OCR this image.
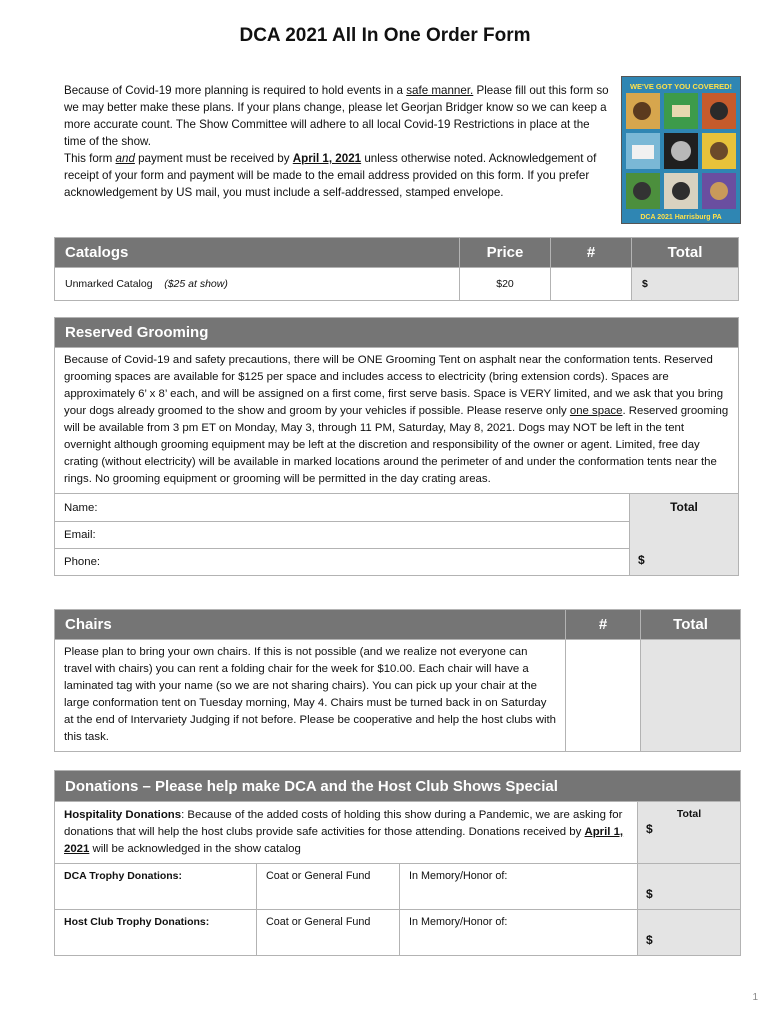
DCA 2021 All In One Order Form
Because of Covid-19 more planning is required to hold events in a safe manner. Please fill out this form so we may better make these plans. If your plans change, please let Georjan Bridger know so we can keep a more accurate count. The Show Committee will adhere to all local Covid-19 Restrictions in place at the time of the show.
This form and payment must be received by April 1, 2021 unless otherwise noted. Acknowledgement of receipt of your form and payment will be made to the email address provided on this form. If you prefer acknowledgement by US mail, you must include a self-addressed, stamped envelope.
WE'VE GOT YOU COVERED!
DCA 2021 Harrisburg PA
Catalogs	Price	#	Total
Unmarked Catalog ($25 at show)	$20		$
Reserved Grooming
Because of Covid-19 and safety precautions, there will be ONE Grooming Tent on asphalt near the conformation tents. Reserved grooming spaces are available for $125 per space and includes access to electricity (bring extension cords). Spaces are approximately 6’ x 8’ each, and will be assigned on a first come, first serve basis. Space is VERY limited, and we ask that you bring your dogs already groomed to the show and groom by your vehicles if possible. Please reserve only one space. Reserved grooming will be available from 3 pm ET on Monday, May 3, through 11 PM, Saturday, May 8, 2021. Dogs may NOT be left in the tent overnight although grooming equipment may be left at the discretion and responsibility of the owner or agent. Limited, free day crating (without electricity) will be available in marked locations around the perimeter of and under the conformation tents near the rings. No grooming equipment or grooming will be permitted in the day crating areas.
Name:	Total
$

Email:
Phone:
Chairs	#	Total
Please plan to bring your own chairs. If this is not possible (and we realize not everyone can travel with chairs) you can rent a folding chair for the week for $10.00. Each chair will have a laminated tag with your name (so we are not sharing chairs). You can pick up your chair at the large conformation tent on Tuesday morning, May 4. Chairs must be turned back in on Saturday at the end of Intervariety Judging if not before. Please be cooperative and help the host clubs with this task.		
Donations – Please help make DCA and the Host Club Shows Special			
Hospitality Donations: Because of the added costs of holding this show during a Pandemic, we are asking for donations that will help the host clubs provide safe activities for those attending. Donations received by April 1, 2021 will be acknowledged in the show catalog			Total
$

DCA Trophy Donations:	Coat or General Fund	In Memory/Honor of:	$
Host Club Trophy Donations:	Coat or General Fund	In Memory/Honor of:	$
1
